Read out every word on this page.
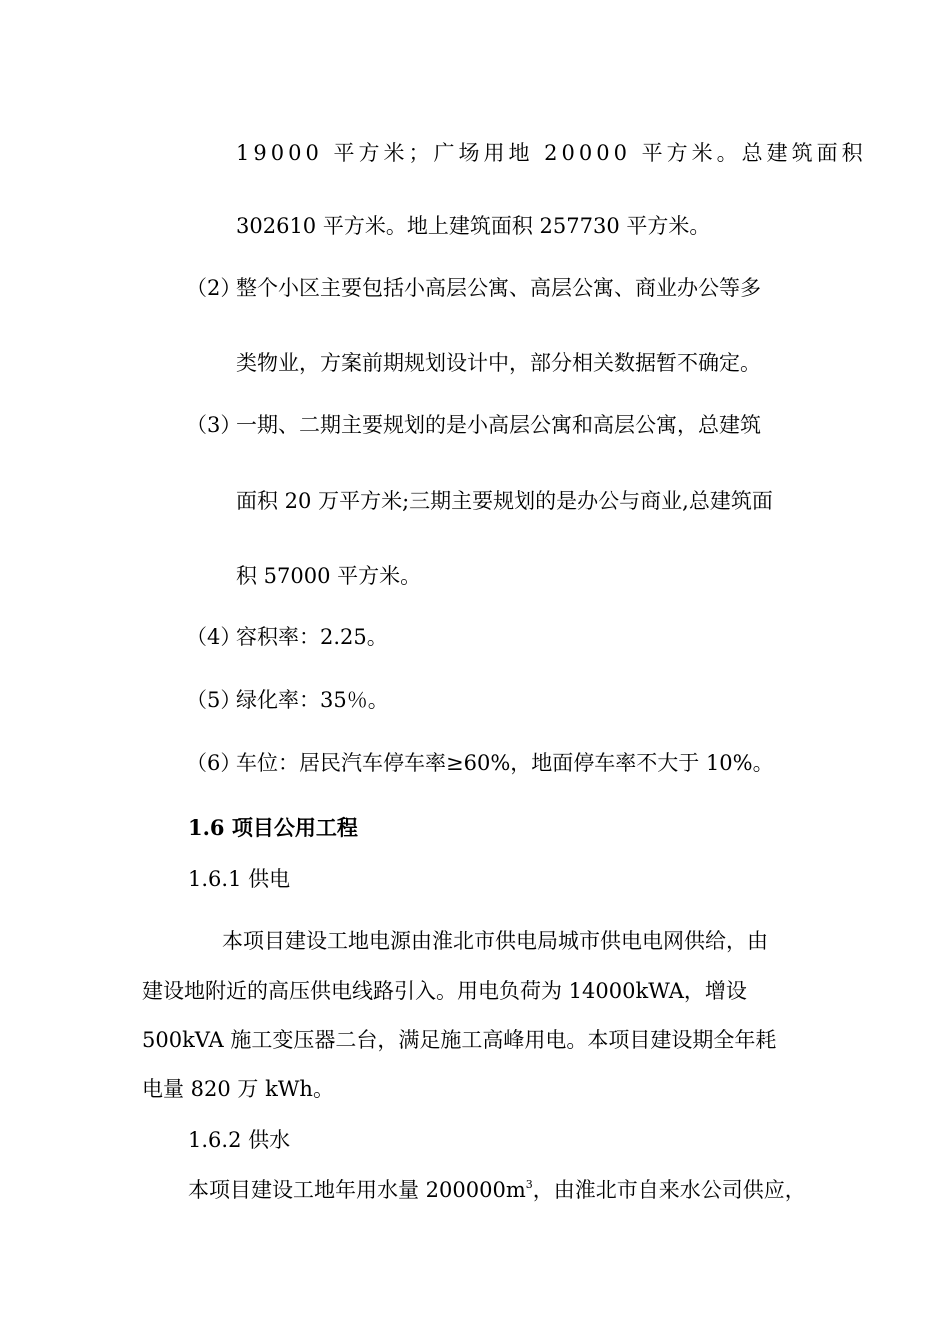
19000 平方米；广场用地 20000 平方米。总建筑面积
302610 平方米。地上建筑面积 257730 平方米。
（2）
整个小区主要包括小高层公寓、高层公寓、商业办公等多
类物业，方案前期规划设计中，部分相关数据暂不确定。
（3）
一期、二期主要规划的是小高层公寓和高层公寓，总建筑
面积 20 万平方米;三期主要规划的是办公与商业,总建筑面
积 57000 平方米。
（4）
容积率：2.25。
（5）
绿化率：35％。
（6）
车位：居民汽车停车率≥60%，地面停车率不大于 10%。
1.6 项目公用工程
1.6.1 供电
本项目建设工地电源由淮北市供电局城市供电电网供给，由
建设地附近的高压供电线路引入。用电负荷为 14000kWA，增设
500kVA 施工变压器二台，满足施工高峰用电。本项目建设期全年耗
电量 820 万 kWh。
1.6.2 供水
本项目建设工地年用水量 $200000m^3$，由淮北市自来水公司供应，
